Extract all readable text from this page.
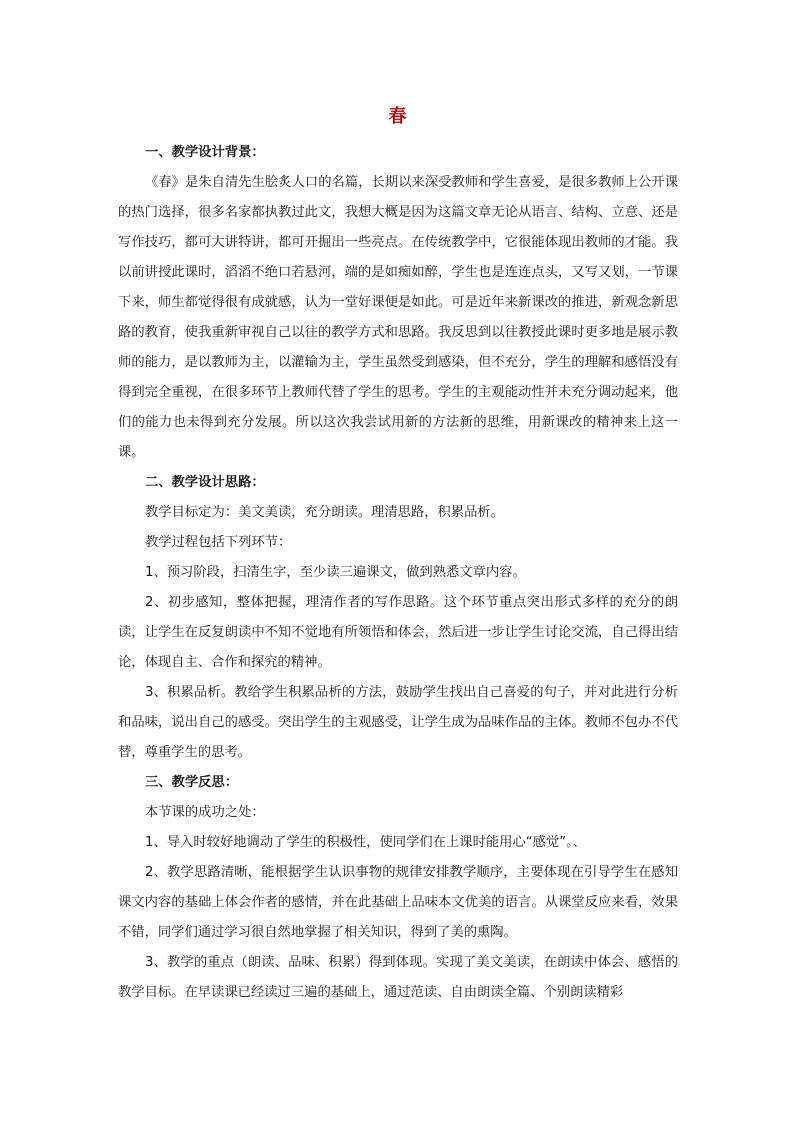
春

一、教学设计背景：

《春》是朱自清先生脍炙人口的名篇，长期以来深受教师和学生喜爱，是很多教师上公开课的热门选择，很多名家都执教过此文，我想大概是因为这篇文章无论从语言、结构、立意、还是写作技巧，都可大讲特讲，都可开掘出一些亮点。在传统教学中，它很能体现出教师的才能。我以前讲授此课时，滔滔不绝口若悬河，端的是如痴如醉，学生也是连连点头，又写又划，一节课下来，师生都觉得很有成就感，认为一堂好课便是如此。可是近年来新课改的推进，新观念新思路的教育，使我重新审视自己以往的教学方式和思路。我反思到以往教授此课时更多地是展示教师的能力，是以教师为主，以灌输为主，学生虽然受到感染，但不充分，学生的理解和感悟没有得到完全重视，在很多环节上教师代替了学生的思考。学生的主观能动性并未充分调动起来，他们的能力也未得到充分发展。所以这次我尝试用新的方法新的思维，用新课改的精神来上这一课。

二、教学设计思路：

教学目标定为：美文美读，充分朗读。理清思路，积累品析。

教学过程包括下列环节：

1、预习阶段，扫清生字，至少读三遍课文，做到熟悉文章内容。

2、初步感知，整体把握，理清作者的写作思路。这个环节重点突出形式多样的充分的朗读，让学生在反复朗读中不知不觉地有所领悟和体会，然后进一步让学生讨论交流，自己得出结论，体现自主、合作和探究的精神。

3、积累品析。教给学生积累品析的方法，鼓励学生找出自己喜爱的句子，并对此进行分析和品味，说出自己的感受。突出学生的主观感受，让学生成为品味作品的主体。教师不包办不代替，尊重学生的思考。

三、教学反思：

本节课的成功之处：

1、导入时较好地调动了学生的积极性，使同学们在上课时能用心“感觉”。、

2、教学思路清晰，能根据学生认识事物的规律安排教学顺序，主要体现在引导学生在感知课文内容的基础上体会作者的感情，并在此基础上品味本文优美的语言。从课堂反应来看，效果不错，同学们通过学习很自然地掌握了相关知识，得到了美的熏陶。

3、教学的重点（朗读、品味、积累）得到体现。实现了美文美读，在朗读中体会、感悟的教学目标。在早读课已经读过三遍的基础上，通过范读、自由朗读全篇、个别朗读精彩
